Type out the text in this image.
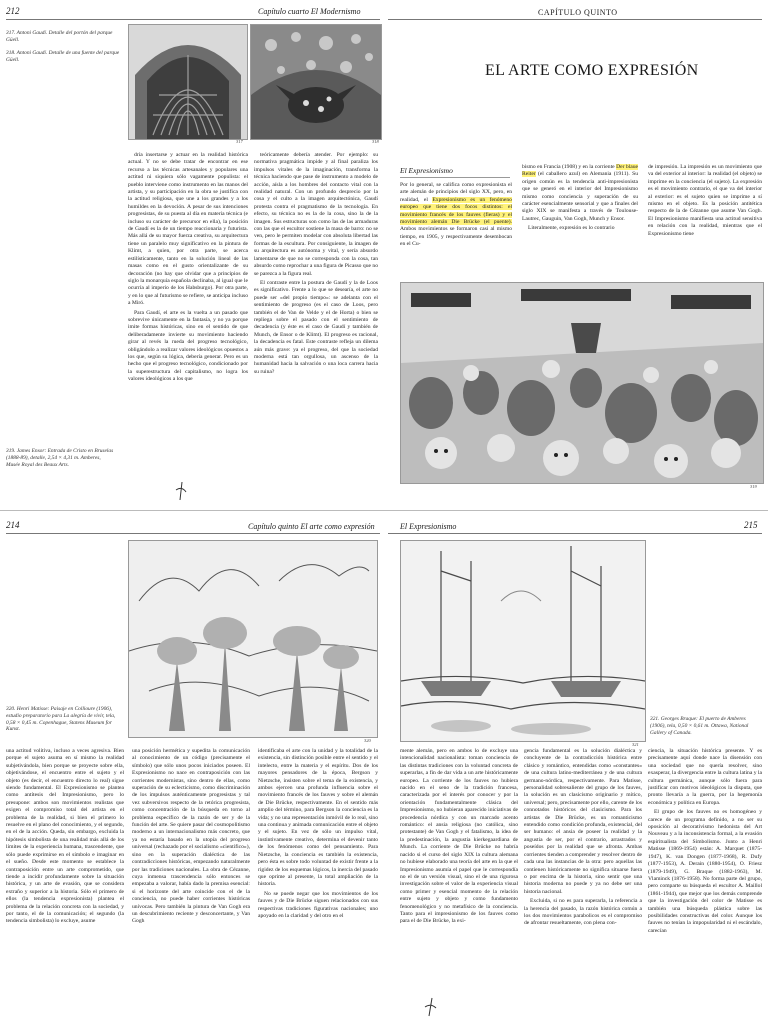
212	Capítulo cuarto El Modernismo
317. Antoni Gaudí. Detalle del portón del parque Güell.
318. Antoni Gaudí. Detalle de una fuente del parque Güell.
317	318

dría insertarse y actuar en la realidad histórica actual. Y no se debe tratar de encontrar en ese recurso a las técnicas artesanales y populares una actitud ni siquiera sólo vagamente populista: el pueblo interviene como instrumento en las manos del artista, y su participación en la obra se justifica con la actitud religiosa, que une a los grandes y a los humildes en la devoción. A pesar de sus intenciones progresistas, de su puesta al día en materia técnica (e incluso su carácter de precursor en ella), la posición de Gaudí es la de un tiempo reaccionaria y futurista. Más allá de su mayor fuerza creativa, su arquitectura tiene un paralelo muy significativo en la pintura de Klimt, a quien, por otra parte, se acerca estilísticamente, tanto en la solución lineal de las masas como en el gusto orientalizante de su decoración (no hay que olvidar que a principios de siglo la monarquía española declinaba, al igual que le ocurría al imperio de los Habsburgo). Por otra parte, y en lo que al futurismo se refiere, se anticipa incluso a Miró.

Para Gaudí, el arte es la vuelta a un pasado que sobrevive únicamente en la fantasía, y no ya porque imite formas históricas, sino en el sentido de que deliberadamente invierte su movimiento haciendo girar al revés la rueda del progreso tecnológico, obligándolo a realizar valores ideológicos opuestos a los que, según su lógica, debería generar. Pero es un hecho que el progreso tecnológico, condicionado por la superestructura del capitalismo, no logra los valores ideológicos a los que

teóricamente debería atender. Por ejemplo: su normativa pragmática impide y al final paraliza los impulsos vitales de la imaginación, transforma la técnica haciendo que pase de instrumento a modelo de acción, aísla a los hombres del contacto vital con la realidad natural. Con un profundo desprecio por la cosa y el culto a la imagen arquitectónica, Gaudí protesta contra el pragmatismo de la tecnología. En efecto, su técnica no es la de la cosa, sino la de la imagen. Sus estructuras son como las de las armaduras con las que el escultor sostiene la masa de barro: no se ven, pero le permiten modelar con absoluta libertad las formas de la escultura. Por consiguiente, la imagen de su arquitectura es autónoma y vital, y sería absurdo lamentarse de que no se corresponda con la cosa, tan absurdo como reprochar a una figura de Picasso que no se parezca a la figura real.

El contraste entre la postura de Gaudí y la de Loos es significativo. Frente a lo que se desearía, el arte no puede ser «del propio tiempo»: se adelanta con el sentimiento de progreso (es el caso de Loos, pero también el de Van de Velde y el de Horta) o bien se repliega sobre el pasado con el sentimiento de decadencia (y éste es el caso de Gaudí y también de Munch, de Ensor o de Klimt). El progreso es racional, la decadencia es fatal. Este contraste refleja un dilema aún más grave: ya el progreso, del que la sociedad moderna está tan orgullosa, un ascenso de la humanidad hacia la salvación o una loca carrera hacia su ruina?

319. James Ensor: Entrada de Cristo en Bruselas (1888-89), detalle, 2,54 × 4,31 m. Amberes, Musée Royal des Beaux Arts.
CAPÍTULO QUINTO
EL ARTE COMO EXPRESIÓN
El Expresionismo

Por lo general, se califica como expresionista el arte alemán de principios del siglo XX, pero, en realidad, el Expresionismo es un fenómeno europeo que tiene dos focos distintos: el movimiento francés de los fauves (fieras) y el movimiento alemán Die Brücke (el puente). Ambos movimientos se formaron casi al mismo tiempo, en 1905, y respectivamente desembocan en el Cu-

bismo en Francia (1908) y en la corriente Der blaue Reiter (el caballero azul) en Alemania (1911). Su origen común es la tendencia anti-impresionista que se generó en el interior del Impresionismo mismo como conciencia y superación de su carácter esencialmente sensorial y que a finales del siglo XIX se manifesta a través de Toulouse-Lautrec, Gauguin, Van Gogh, Munch y Ensor.

Literalmente, expresión es lo contrario

de impresión. La impresión es un movimiento que va del exterior al interior: la realidad (el objeto) se imprime en la conciencia (el sujeto). La expresión es el movimiento contrario, el que va del interior al exterior: es el sujeto quien se imprime a sí mismo en el objeto. Es la posición antitética respecto de la de Cézanne que asume Van Gogh. El Impresionismo manifiesta una actitud sensitiva en relación con la realidad, mientras que el Expresionismo tiene

319
214	Capítulo quinto El arte como expresión
320
320. Henri Matisse: Paisaje en Collioure (1906), estudio preparatorio para La alegría de vivir, tela, 0,58 × 0,45 m. Copenhague, Statens Museum for Kunst.

una actitud volitiva, incluso a veces agresiva. Bien porque el sujeto asuma en sí mismo la realidad subjetivándola, bien porque se proyecte sobre ella, objetivándose, el encuentro entre el sujeto y el objeto (es decir, el encuentro directo lo real) sigue siendo fundamental. El Expresionismo se plantea como antítesis del Impresionismo, pero lo presupone: ambos son movimientos realistas que exigen el compromiso total del artista en el problema de la realidad, si bien el primero lo resuelve en el plano del conocimiento, y el segundo, en el de la acción. Queda, sin embargo, excluida la hipótesis simbolista de una realidad más allá de los límites de la experiencia humana, trascendente, que sólo puede exprimirse en el símbolo e imaginar en el sueño. Desde este momento se establece la contraposición entre un arte comprometido, que tiende a incidir profundamente sobre la situación histórica, y un arte de evasión, que se considera extraño y superior a la historia. Sólo el primero de ellos (la tendencia expresionista) plantea el problema de la relación concreta con la sociedad, y por tanto, el de la comunicación; el segundo (la tendencia simbolista) lo excluye, asume

una posición hermética y supedita la comunicación al conocimiento de un código (precisamente el símbolo) que sólo unos pocos iniciados poseen. El Expresionismo no nace en contraposición con las corrientes modernistas, sino dentro de ellas, como superación de su eclecticismo, como discriminación de los impulsos auténticamente progresistas y tal vez subversivos respecto de la retórica progresista, como concentración de la búsqueda en torno al problema específico de la razón de ser y de la función del arte. Se quiere pasar del cosmopolitismo moderno a un internacionalismo más concreto, que ya no estaría basado en la utopía del progreso universal (rechazado por el socialismo «científico»), sino en la superación dialéctica de las contradicciones históricas, empezando naturalmente por las tradiciones nacionales. La obra de Cézanne, cuya inmensa trascendencia sólo entonces se empezaba a valorar, había dado la premisa esencial: si el horizonte del arte coincide con el de la conciencia, no puede haber corrientes históricas unívocas. Pero también la pintura de Van Gogh era un descubrimiento reciente y desconcertante, y Van Gogh

identificaba el arte con la unidad y la totalidad de la existencia, sin distinción posible entre el sentido y el intelecto, entre la materia y el espíritu. Dos de los mayores pensadores de la época, Bergson y Nietzsche, insisten sobre el tema de la existencia, y ambos ejercen una profunda influencia sobre el movimiento francés de los fauves y sobre el alemán de Die Brücke, respectivamente. En el sentido más amplio del término, para Bergson la conciencia es la vida; y no una representación inmóvil de lo real, sino una continua y animada comunicación entre el objeto y el sujeto. En vez de sólo un impulso vital, instintivamente creativo, determina el devenir tanto de los fenómenos como del pensamiento. Para Nietzsche, la conciencia es también la existencia, pero ésta es sobre todo voluntad de existir frente a la rigidez de los esquemas lógicos, la inercia del pasado que oprime al presente, la total ampliación de la historia.

No se puede negar que los movimientos de los fauves y de Die Brücke siguen relacionados con sus respectivas tradiciones figurativas nacionales; uno apoyado en la claridad y del otro en el

El Expresionismo	215
321
321. Georges Braque: El puerto de Amberes (1906), tela, 0,50 × 0,61 m. Ottawa, National Gallery of Canada.

mente alemán, pero en ambos lo de excluye una intencionalidad nacionalista: toman conciencia de las distintas tradiciones con la voluntad concreta de superarlas, a fin de dar vida a un arte históricamente europeo. La corriente de los fauves no hubiera nacido en el seno de la tradición francesa, caracterizada por el interés por conocer y por la orientación fundamentalmente clásica del Impresionismo, no hubieran aparecido iniciativas de procedencia nórdica y con un marcado acento romántico: el ansia religiosa (no católica, sino protestante) de Van Gogh y el fatalismo, la idea de la predestinación, la angustia kierkegaardiana de Munch. La corriente de Die Brücke no habría nacido si el curso del siglo XIX la cultura alemana no hubiese elaborado una teoría del arte en la que el Impresionismo asumía el papel que le correspondía no el de un versión visual, sino el de una rigurosa investigación sobre el valor de la experiencia visual como primer y esencial momento de la relación entre sujeto y objeto y como fundamento fenomenológico y no metafísico de la conciencia. Tanto para el impresionismo de los fauves como para el de Die Brücke, la exi-

gencia fundamental es la solución dialéctica y concluyente de la contradicción histórica entre clásico y romántico, entendidas como «constantes» de una cultura latino-mediterránea y de una cultura germano-nórdica, respectivamente. Para Matisse, personalidad sobresaliente del grupo de los fauves, la solución es un clasicismo originario y mítico, universal; pero, precisamente por ello, carente de los connotados históricos del clasicismo. Para los artistas de Die Brücke, es un romanticismo entendido como condición profunda, existencial, del ser humano: el ansia de poseer la realidad y la angustia de ser, por el contrario, arrastrados y poseídos por la realidad que se afronta. Ambas corrientes tienden a comprender y resolver dentro de cada una las instancias de la otra: pero aquellas las contienen históricamente no significa situarse fuera o por encima de la historia, sino sentir que una historia moderna no puede y ya no debe ser una historia nacional.

Excluida, si no es para superarla, la referencia a la herencia del pasado, la razón histórica común a los dos movimientos parabolicos es el compromiso de afrontar resueltamente, con plena con-

ciencia, la situación histórica presente. Y es precisamente aquí donde nace la disensión con una sociedad que no quería resolver, sino exasperar, la divergencia entre la cultura latina y la cultura germánica, aunque sólo fuera para justificar con motivos ideológicos la disputa, que pronto llevaría a la guerra, por la hegemonía económica y política en Europa.

El grupo de los fauves no es homogéneo y carece de un programa definido, a no ser su oposición al decorativismo hedonista del Art Nouveau y a la inconsistencia formal, a la evasión espiritualista del Simbolismo. Junto a Henri Matisse (1869-1954) están: A. Marquet (1875-1947), K. van Dongen (1877-1968), R. Dufy (1877-1953), A. Derain (1880-1954), O. Friesz (1879-1949), G. Braque (1882-1963), M. Vlaminck (1876-1958). No forma parte del grupo, pero comparte su búsqueda el escultor A. Maillol (1861-1944), que mejor que los demás comprende que la investigación del color de Matisse es también una búsqueda plástica sobre las posibilidades constructivas del color. Aunque los fauves no tenían la impopularidad ni el escándalo, carecían
